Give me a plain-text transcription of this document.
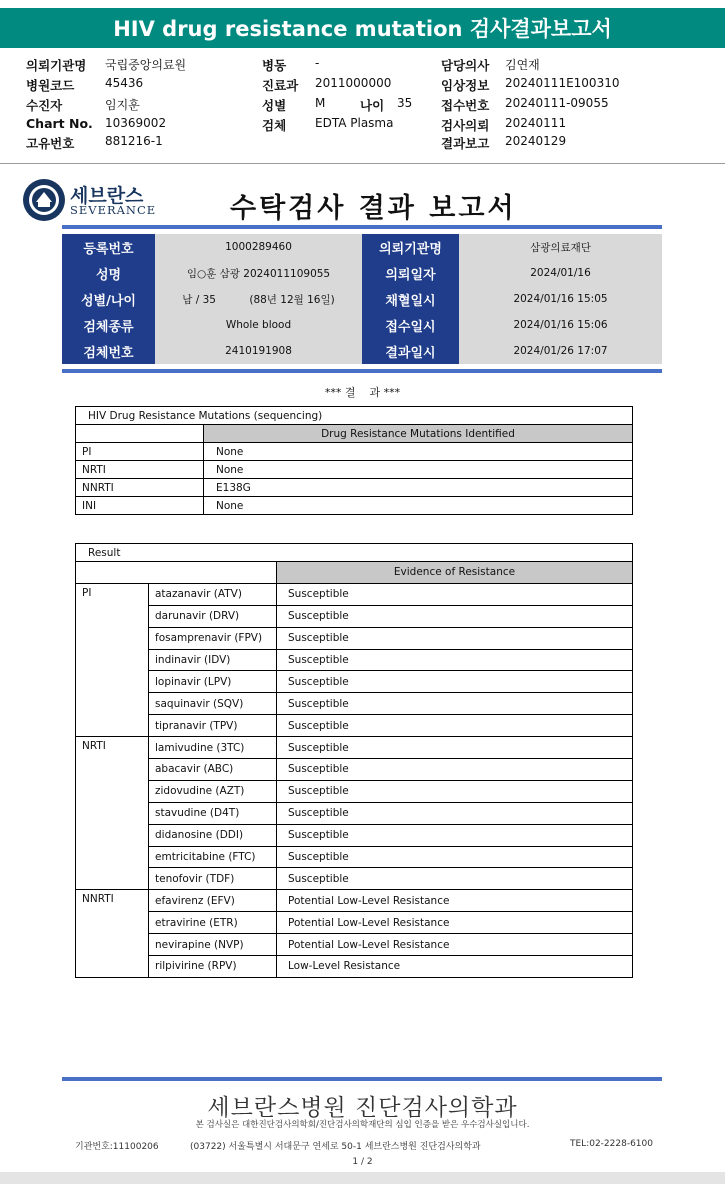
HIV drug resistance mutation 검사결과보고서
의뢰기관명 국립중앙의료원
병원코드	45436
수진자	임지훈
Chart No. 10369002
고유번호	881216-1
병동 -
진료과 2011000000
성별 M
검체 EDTA Plasma
나이 35
담당의사 김연재
임상정보 20240111E100310
접수번호 20240111-09055
검사의뢰 20240111
결과보고 20240129
세브란스
SEVERANCE	수탁검사 결과 보고서
등록번호	1000289460	의뢰기관명	삼광의료재단
성명	임○훈 삼광 2024011109055	의뢰일자	2024/01/16
성별/나이	남 / 35          (88년 12월 16일)	채혈일시	2024/01/16 15:05
검체종류	Whole blood	접수일시	2024/01/16 15:06
검체번호	2410191908	결과일시	2024/01/26 17:07
*** 결    과 ***
HIV Drug Resistance Mutations (sequencing)	
	Drug Resistance Mutations Identified
PI	None
NRTI	None
NNRTI	E138G
INI	None
Result		
		Evidence of Resistance
PI	atazanavir (ATV)	Susceptible
	darunavir (DRV)	Susceptible
	fosamprenavir (FPV)	Susceptible
	indinavir (IDV)	Susceptible
	lopinavir (LPV)	Susceptible
	saquinavir (SQV)	Susceptible
	tipranavir (TPV)	Susceptible
NRTI	lamivudine (3TC)	Susceptible
	abacavir (ABC)	Susceptible
	zidovudine (AZT)	Susceptible
	stavudine (D4T)	Susceptible
	didanosine (DDI)	Susceptible
	emtricitabine (FTC)	Susceptible
	tenofovir (TDF)	Susceptible
NNRTI	efavirenz (EFV)	Potential Low-Level Resistance
	etravirine (ETR)	Potential Low-Level Resistance
	nevirapine (NVP)	Potential Low-Level Resistance
	rilpivirine (RPV)	Low-Level Resistance
세브란스병원 진단검사의학과
본 검사실은 대한진단검사의학회/진단검사의학재단의 심입 인증을 받은 우수검사실입니다.
기관번호:11100206	(03722) 서울특별시 서대문구 연세로 50-1 세브란스병원 진단검사의학과	TEL:02-2228-6100
1 / 2
